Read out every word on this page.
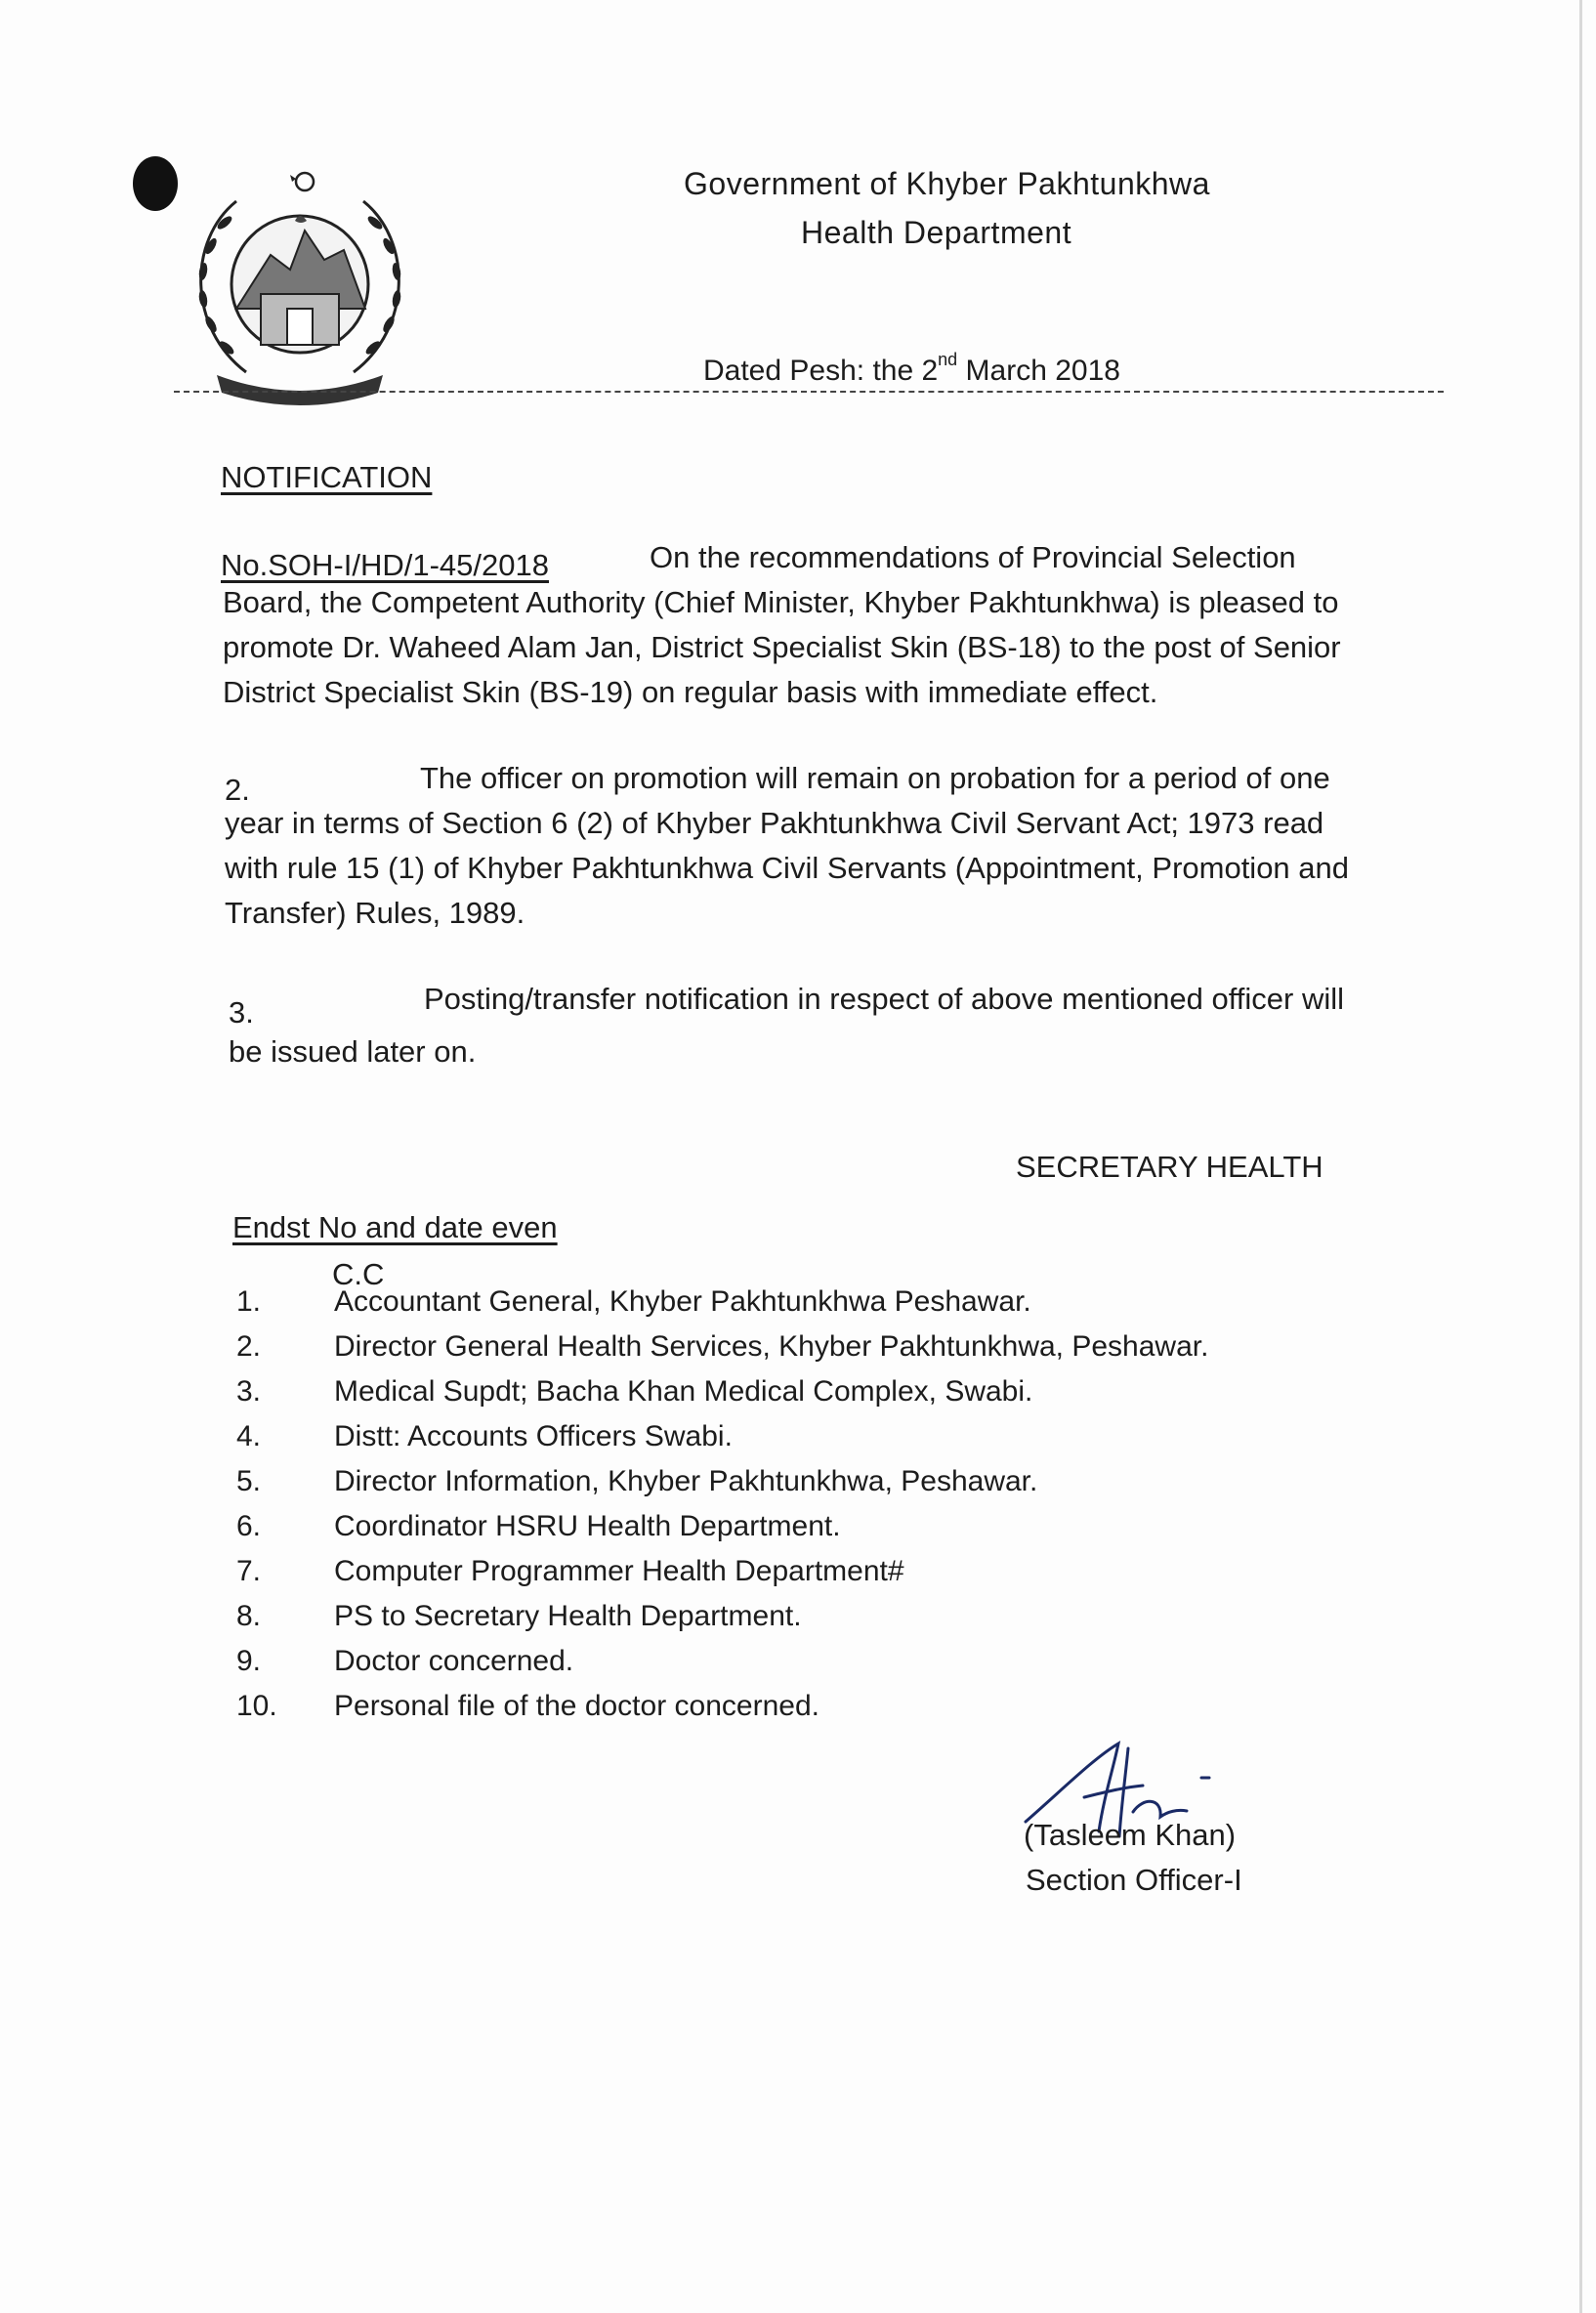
Government of Khyber Pakhtunkhwa
Health Department
Dated Pesh: the 2nd March 2018
NOTIFICATION
No.SOH-I/HD/1-45/2018	On the recommendations of Provincial Selection
Board, the Competent Authority (Chief Minister, Khyber Pakhtunkhwa) is pleased to
promote Dr. Waheed Alam Jan, District Specialist Skin (BS-18) to the post of Senior
District Specialist Skin (BS-19) on regular basis with immediate effect.
2.	The officer on promotion will remain on probation for a period of one
year in terms of Section 6 (2) of Khyber Pakhtunkhwa Civil Servant Act; 1973 read
with rule 15 (1) of Khyber Pakhtunkhwa Civil Servants (Appointment, Promotion and
Transfer) Rules, 1989.
3.	Posting/transfer notification in respect of above mentioned officer will
be issued later on.
SECRETARY HEALTH
Endst No and date even
C.C
1. Accountant General, Khyber Pakhtunkhwa Peshawar.
2. Director General Health Services, Khyber Pakhtunkhwa, Peshawar.
3. Medical Supdt; Bacha Khan Medical Complex, Swabi.
4. Distt: Accounts Officers Swabi.
5. Director Information, Khyber Pakhtunkhwa, Peshawar.
6. Coordinator HSRU Health Department.
7. Computer Programmer Health Department#
8. PS to Secretary Health Department.
9. Doctor concerned.
10. Personal file of the doctor concerned.
(Tasleem Khan)
Section Officer-I
